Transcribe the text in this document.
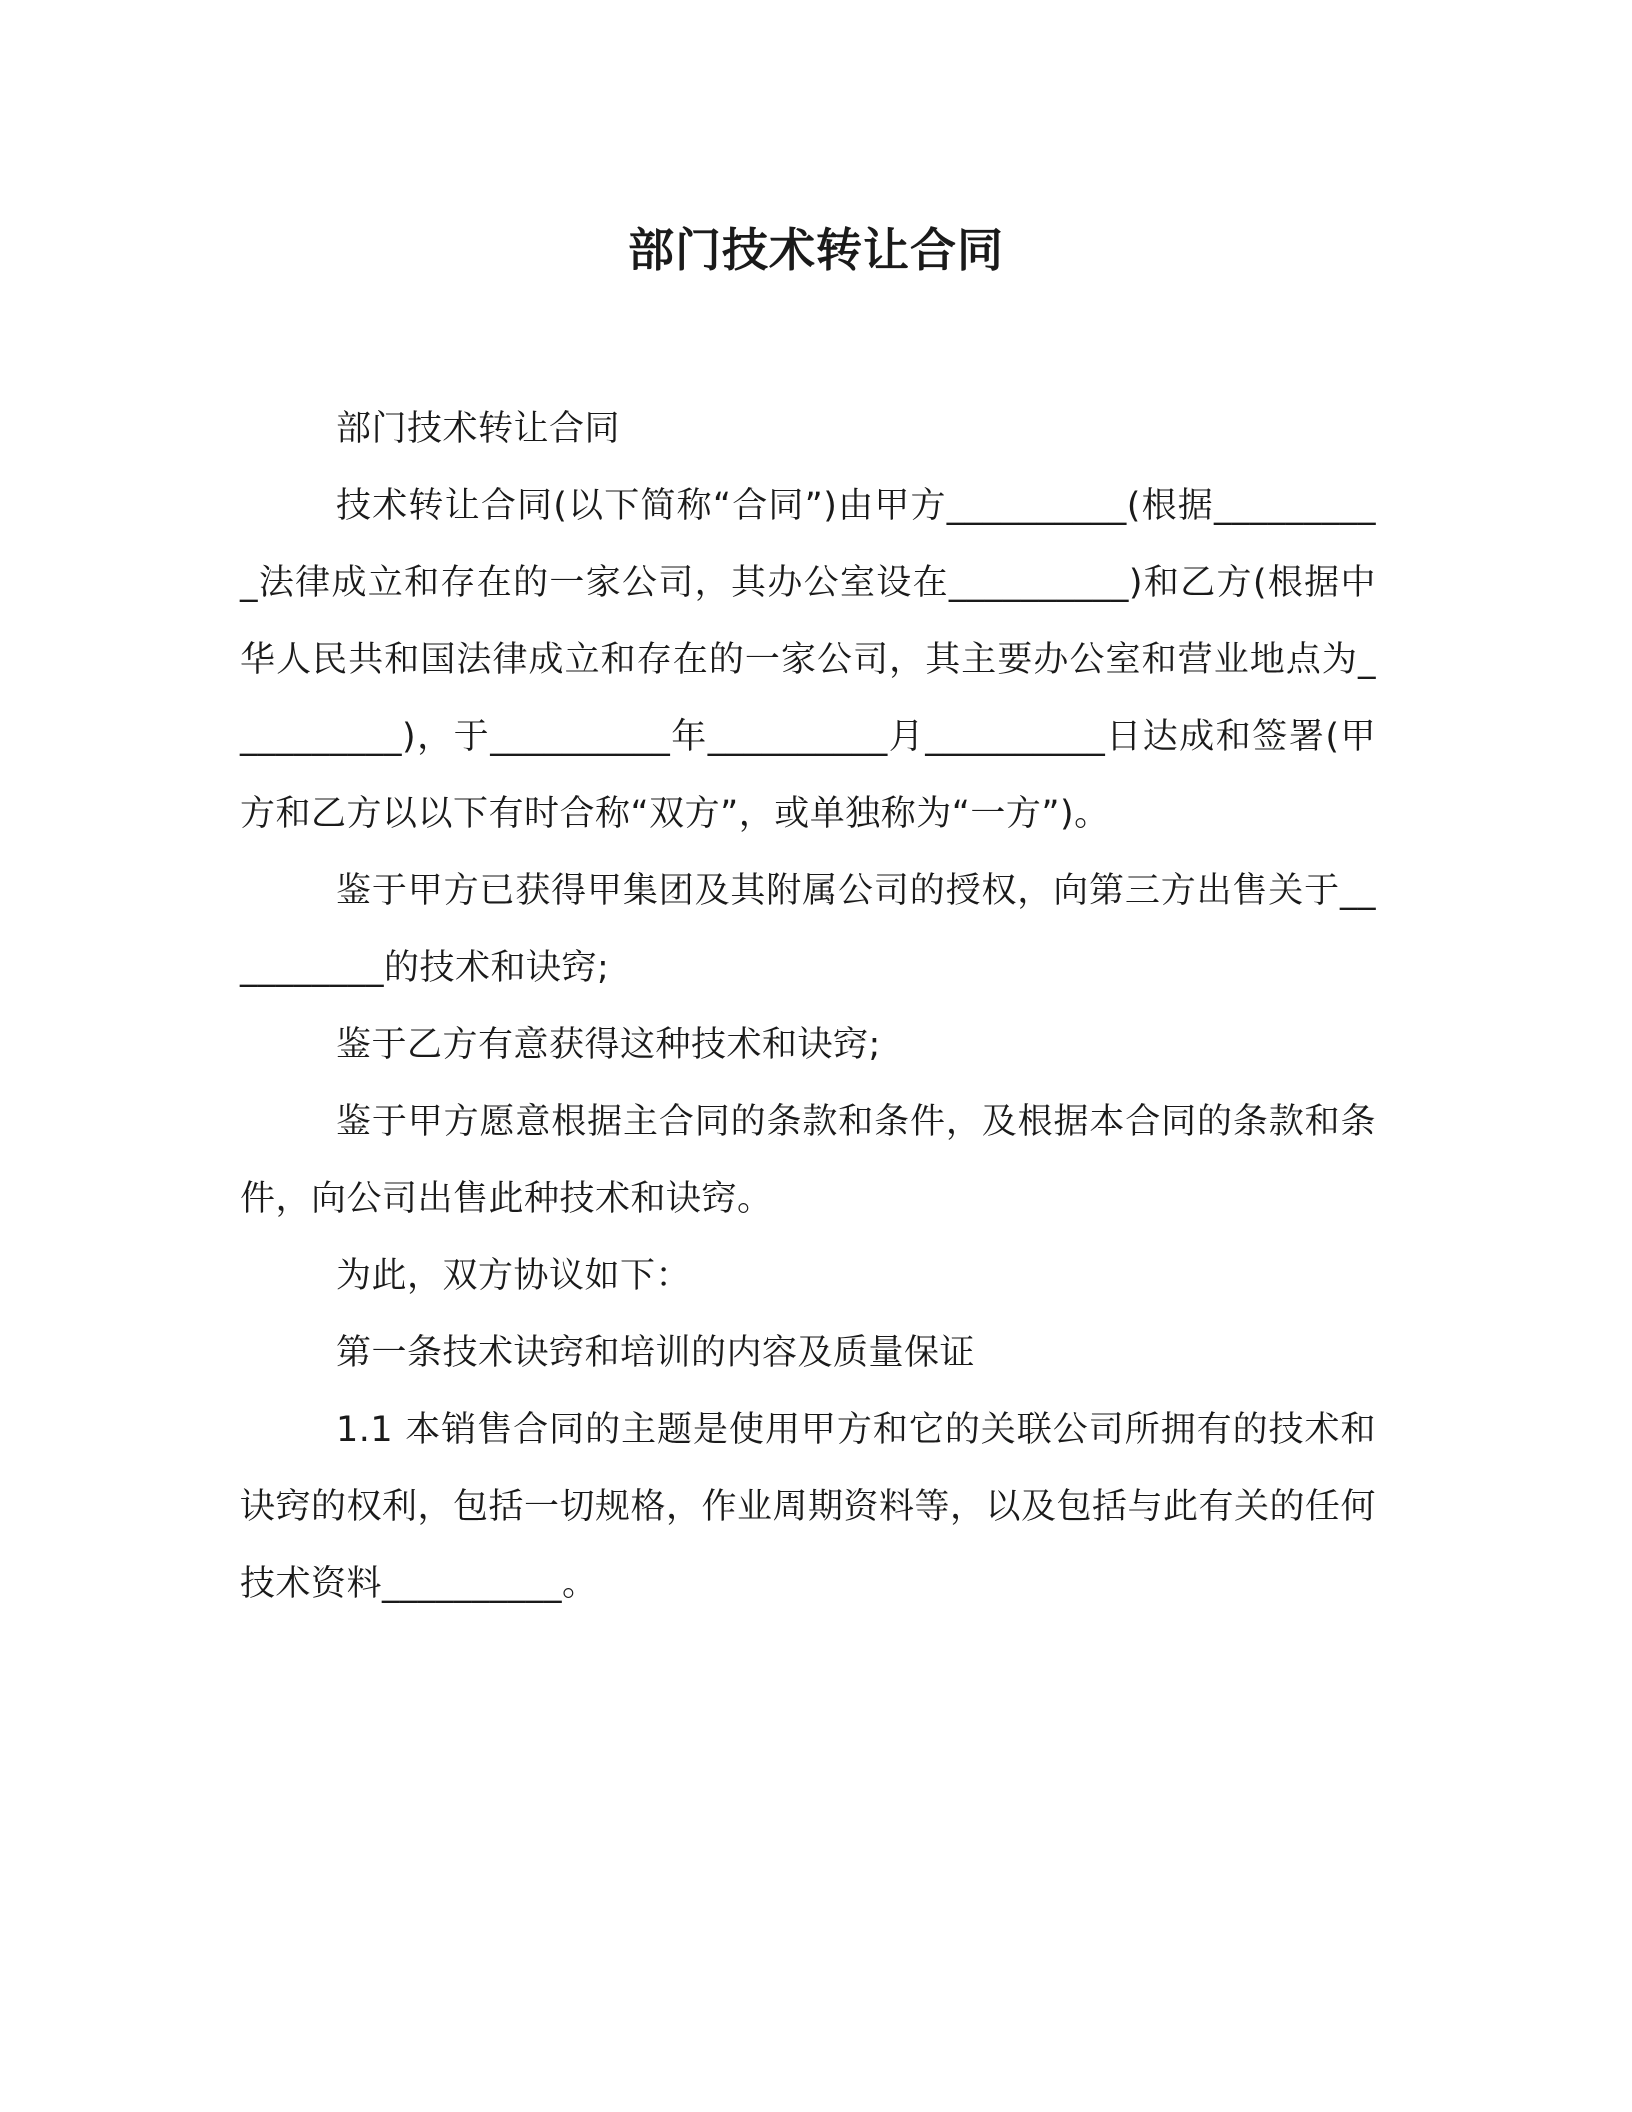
部门技术转让合同

部门技术转让合同

技术转让合同(以下简称“合同”)由甲方__________(根据__________法律成立和存在的一家公司，其办公室设在__________)和乙方(根据中华人民共和国法律成立和存在的一家公司，其主要办公室和营业地点为__________)，于__________年__________月__________日达成和签署(甲方和乙方以以下有时合称“双方”，或单独称为“一方”)。

鉴于甲方已获得甲集团及其附属公司的授权，向第三方出售关于__________的技术和诀窍;

鉴于乙方有意获得这种技术和诀窍;

鉴于甲方愿意根据主合同的条款和条件，及根据本合同的条款和条件，向公司出售此种技术和诀窍。

为此，双方协议如下：

第一条技术诀窍和培训的内容及质量保证

1.1 本销售合同的主题是使用甲方和它的关联公司所拥有的技术和诀窍的权利，包括一切规格，作业周期资料等，以及包括与此有关的任何技术资料__________。
